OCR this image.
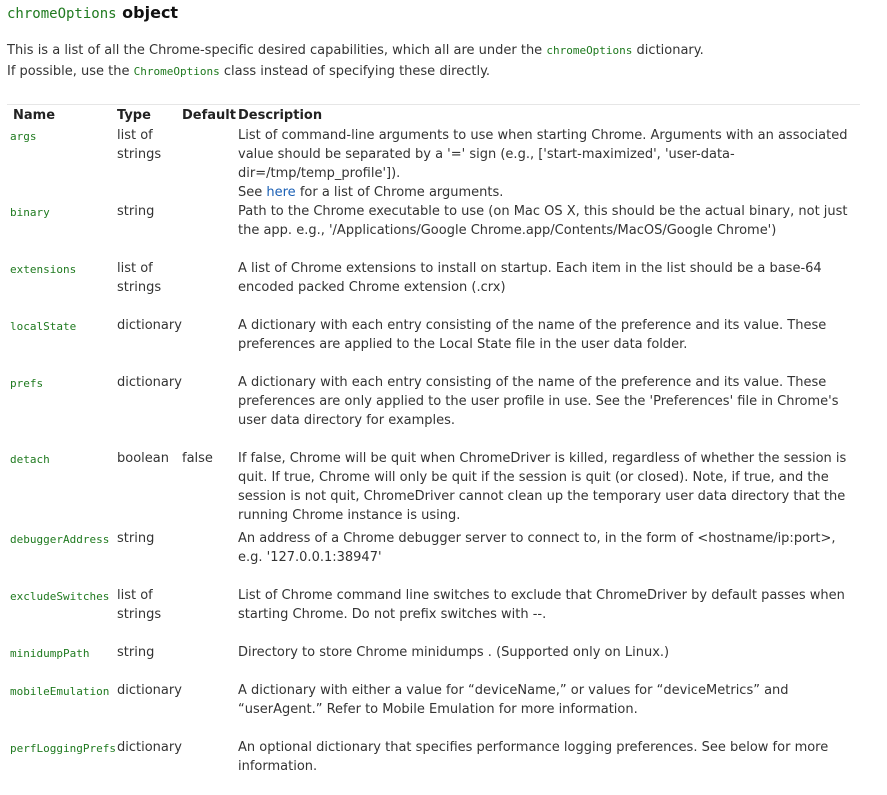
chromeOptions object
This is a list of all the Chrome-specific desired capabilities, which all are under the chromeOptions dictionary.
If possible, use the ChromeOptions class instead of specifying these directly.
Name	Type	Default	Description
args	list of strings		List of command-line arguments to use when starting Chrome. Arguments with an associated value should be separated by a '=' sign (e.g., ['start-maximized', 'user-data-dir=/tmp/temp_profile']).
See here for a list of Chrome arguments.
binary	string		Path to the Chrome executable to use (on Mac OS X, this should be the actual binary, not just the app. e.g., '/Applications/Google Chrome.app/Contents/MacOS/Google Chrome')
extensions	list of strings		A list of Chrome extensions to install on startup. Each item in the list should be a base-64 encoded packed Chrome extension (.crx)
localState	dictionary		A dictionary with each entry consisting of the name of the preference and its value. These preferences are applied to the Local State file in the user data folder.
prefs	dictionary		A dictionary with each entry consisting of the name of the preference and its value. These preferences are only applied to the user profile in use. See the 'Preferences' file in Chrome's user data directory for examples.
detach	boolean	false	If false, Chrome will be quit when ChromeDriver is killed, regardless of whether the session is quit. If true, Chrome will only be quit if the session is quit (or closed). Note, if true, and the session is not quit, ChromeDriver cannot clean up the temporary user data directory that the running Chrome instance is using.
debuggerAddress	string		An address of a Chrome debugger server to connect to, in the form of <hostname/ip:port>, e.g. '127.0.0.1:38947'
excludeSwitches	list of strings		List of Chrome command line switches to exclude that ChromeDriver by default passes when starting Chrome. Do not prefix switches with --.
minidumpPath	string		Directory to store Chrome minidumps . (Supported only on Linux.)
mobileEmulation	dictionary		A dictionary with either a value for “deviceName,” or values for “deviceMetrics” and “userAgent.” Refer to Mobile Emulation for more information.
perfLoggingPrefs	dictionary		An optional dictionary that specifies performance logging preferences. See below for more information.
